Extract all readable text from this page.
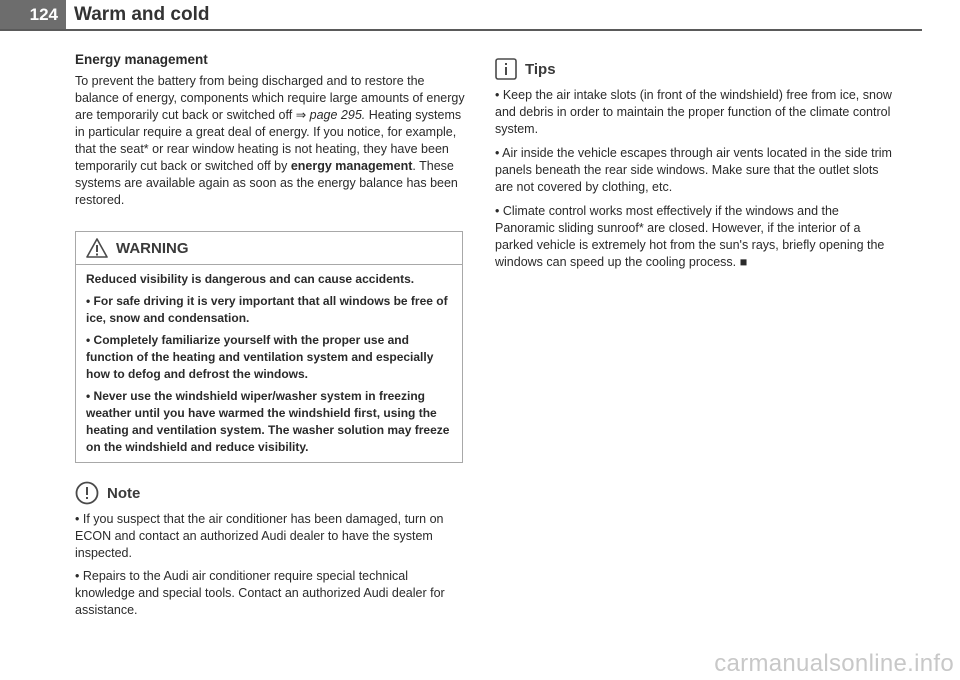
124 Warm and cold
Energy management

To prevent the battery from being discharged and to restore the balance of energy, components which require large amounts of energy are temporarily cut back or switched off ⇒ page 295. Heating systems in particular require a great deal of energy. If you notice, for example, that the seat* or rear window heating is not heating, they have been temporarily cut back or switched off by energy management. These systems are available again as soon as the energy balance has been restored.

WARNING

Reduced visibility is dangerous and can cause accidents.

• For safe driving it is very important that all windows be free of ice, snow and condensation.

• Completely familiarize yourself with the proper use and function of the heating and ventilation system and especially how to defog and defrost the windows.

• Never use the windshield wiper/washer system in freezing weather until you have warmed the windshield first, using the heating and ventilation system. The washer solution may freeze on the windshield and reduce visibility.

Note

• If you suspect that the air conditioner has been damaged, turn on ECON and contact an authorized Audi dealer to have the system inspected.

• Repairs to the Audi air conditioner require special technical knowledge and special tools. Contact an authorized Audi dealer for assistance.

Tips

• Keep the air intake slots (in front of the windshield) free from ice, snow and debris in order to maintain the proper function of the climate control system.

• Air inside the vehicle escapes through air vents located in the side trim panels beneath the rear side windows. Make sure that the outlet slots are not covered by clothing, etc.

• Climate control works most effectively if the windows and the Panoramic sliding sunroof* are closed. However, if the interior of a parked vehicle is extremely hot from the sun's rays, briefly opening the windows can speed up the cooling process. ■

carmanualsonline.info
